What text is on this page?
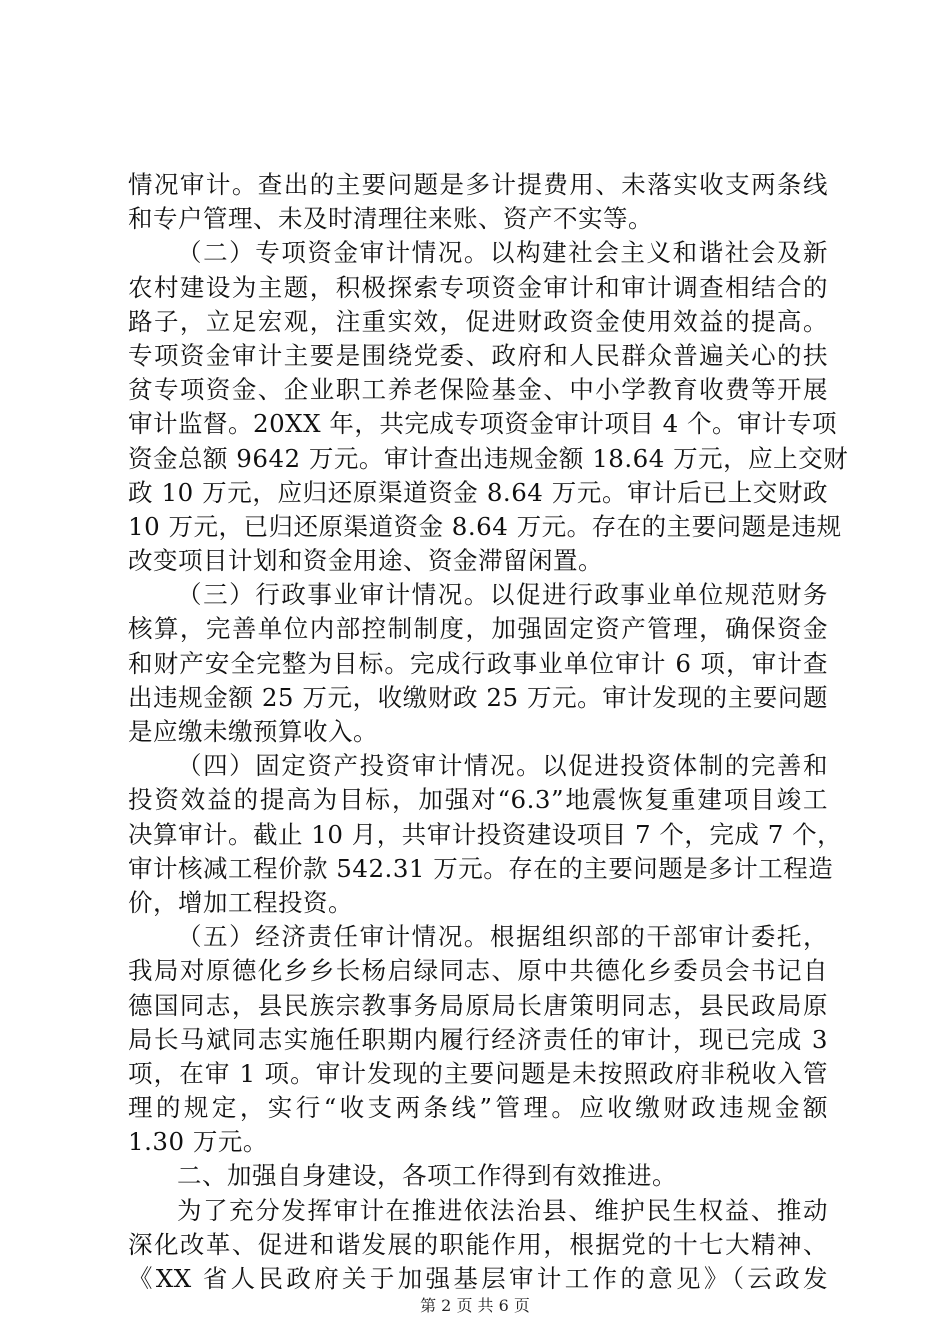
情况审计。查出的主要问题是多计提费用、未落实收支两条线
和专户管理、未及时清理往来账、资产不实等。
（二）专项资金审计情况。以构建社会主义和谐社会及新
农村建设为主题，积极探索专项资金审计和审计调查相结合的
路子，立足宏观，注重实效，促进财政资金使用效益的提高。
专项资金审计主要是围绕党委、政府和人民群众普遍关心的扶
贫专项资金、企业职工养老保险基金、中小学教育收费等开展
审计监督。20XX 年，共完成专项资金审计项目 4 个。审计专项
资金总额 9642 万元。审计查出违规金额 18.64 万元，应上交财
政 10 万元，应归还原渠道资金 8.64 万元。审计后已上交财政
10 万元，已归还原渠道资金 8.64 万元。存在的主要问题是违规
改变项目计划和资金用途、资金滞留闲置。
（三）行政事业审计情况。以促进行政事业单位规范财务
核算，完善单位内部控制制度，加强固定资产管理，确保资金
和财产安全完整为目标。完成行政事业单位审计 6 项，审计查
出违规金额 25 万元，收缴财政 25 万元。审计发现的主要问题
是应缴未缴预算收入。
（四）固定资产投资审计情况。以促进投资体制的完善和
投资效益的提高为目标，加强对“6.3”地震恢复重建项目竣工
决算审计。截止 10 月，共审计投资建设项目 7 个，完成 7 个，
审计核减工程价款 542.31 万元。存在的主要问题是多计工程造
价，增加工程投资。
（五）经济责任审计情况。根据组织部的干部审计委托，
我局对原德化乡乡长杨启绿同志、原中共德化乡委员会书记自
德国同志，县民族宗教事务局原局长唐策明同志，县民政局原
局长马斌同志实施任职期内履行经济责任的审计，现已完成 3
项，在审 1 项。审计发现的主要问题是未按照政府非税收入管
理的规定，实行“收支两条线”管理。应收缴财政违规金额
1.30 万元。
二、加强自身建设，各项工作得到有效推进。
为了充分发挥审计在推进依法治县、维护民生权益、推动
深化改革、促进和谐发展的职能作用，根据党的十七大精神、
《XX 省人民政府关于加强基层审计工作的意见》（云政发
第 2 页 共 6 页
